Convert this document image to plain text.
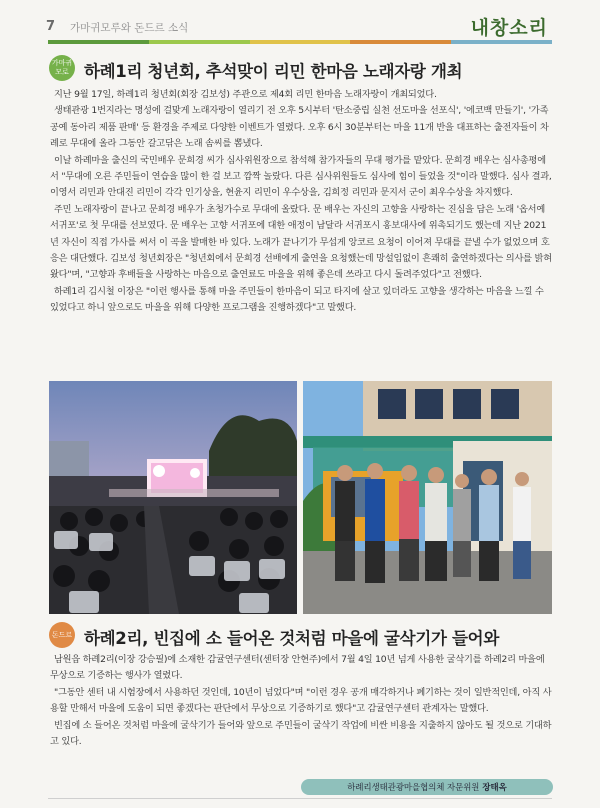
7 가마귀모루와 돈드르 소식	내창소리
가마귀모로 하례1리 청년회, 추석맞이 리민 한마음 노래자랑 개최

지난 9월 17일, 하례1리 청년회(회장 김보성) 주관으로 제4회 리민 한마음 노래자랑이 개최되었다.

생태관광 1번지라는 명성에 걸맞게 노래자랑이 열리기 전 오후 5시부터 '탄소중립 실천 선도마을 선포식', '에코백 만들기', '가족공예 동아리 제품 판매' 등 환경을 주제로 다양한 이벤트가 열렸다. 오후 6시 30분부터는 마을 11개 반을 대표하는 출전자들이 차례로 무대에 올라 그동안 갈고닦은 노래 솜씨를 뽐냈다.

이날 하례마을 출신의 국민배우 문희경 씨가 심사위원장으로 참석해 참가자들의 무대 평가를 맡았다. 문희경 배우는 심사총평에서 "무대에 오른 주민들이 연습을 많이 한 걸 보고 깜짝 놀랐다. 다른 심사위원들도 심사에 힘이 들었을 것"이라 말했다. 심사 결과, 이영서 리민과 안대진 리민이 각각 인기상을, 현윤지 리민이 우수상을, 김희정 리민과 문지서 군이 최우수상을 차지했다.

주민 노래자랑이 끝나고 문희경 배우가 초청가수로 무대에 올랐다. 문 배우는 자신의 고향을 사랑하는 진심을 담은 노래 '옵서예 서귀포'로 첫 무대를 선보였다. 문 배우는 고향 서귀포에 대한 애정이 남달라 서귀포시 홍보대사에 위촉되기도 했는데 지난 2021년 자신이 직접 가사를 써서 이 곡을 발매한 바 있다. 노래가 끝나기가 무섭게 앙코르 요청이 이어져 무대를 끝낼 수가 없었으며 호응은 대단했다. 김보성 청년회장은 "청년회에서 문희경 선배에게 출연을 요청했는데 망설임없이 흔쾌히 출연하겠다는 의사를 밝혀왔다"며, "고향과 후배들을 사랑하는 마음으로 출연료도 마을을 위해 좋은데 쓰라고 다시 돌려주었다"고 전했다.

하례1리 김시철 이장은 "이런 행사를 통해 마을 주민들이 한마음이 되고 타지에 살고 있더라도 고향을 생각하는 마음을 느낄 수 있었다고 하니 앞으로도 마을을 위해 다양한 프로그램을 진행하겠다"고 말했다.

돈드르 하례2리, 빈집에 소 들어온 것처럼 마을에 굴삭기가 들어와

남원읍 하례2리(이장 강승필)에 소재한 감귤연구센터(센터장 안현주)에서 7월 4일 10년 넘게 사용한 굴삭기를 하례2리 마을에 무상으로 기증하는 행사가 열렸다.

"그동안 센터 내 시험장에서 사용하던 것인데, 10년이 넘었다"며 "이런 경우 공개 매각하거나 폐기하는 것이 일반적인데, 아직 사용할 만해서 마을에 도움이 되면 좋겠다는 판단에서 무상으로 기증하기로 했다"고 감귤연구센터 관계자는 말했다.

빈집에 소 들어온 것처럼 마을에 굴삭기가 들어와 앞으로 주민들이 굴삭기 작업에 비싼 비용을 지출하지 않아도 될 것으로 기대하고 있다.

하례리생태관광마을협의체 자문위원 장태옥
